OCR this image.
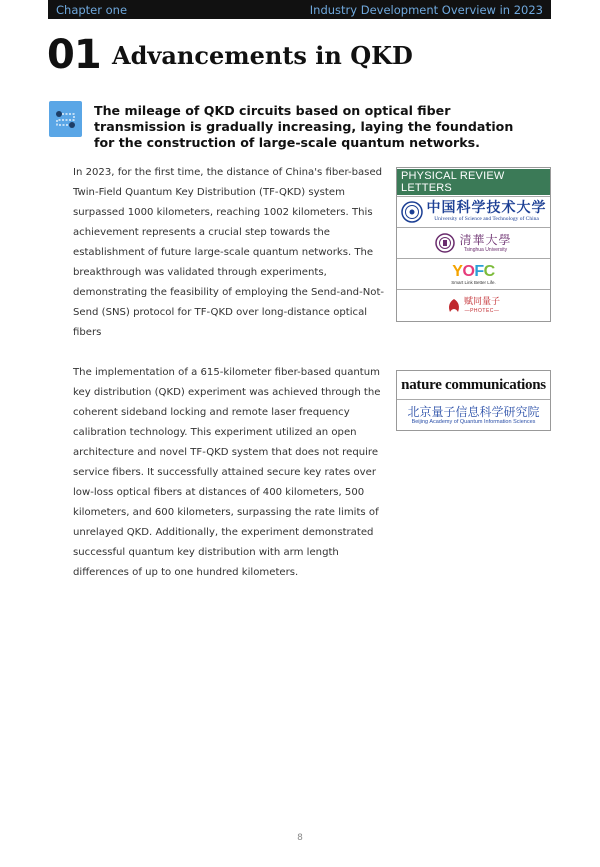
Chapter one	Industry Development Overview in 2023
01 Advancements in QKD
The mileage of QKD circuits based on optical fiber transmission is gradually increasing, laying the foundation for the construction of large-scale quantum networks.
In 2023, for the first time, the distance of China's fiber-based Twin-Field Quantum Key Distribution (TF-QKD) system surpassed 1000 kilometers, reaching 1002 kilometers. This achievement represents a crucial step towards the establishment of future large-scale quantum networks. The breakthrough was validated through experiments, demonstrating the feasibility of employing the Send-and-Not-Send (SNS) protocol for TF-QKD over long-distance optical fibers
The implementation of a 615-kilometer fiber-based quantum key distribution (QKD) experiment was achieved through the coherent sideband locking and remote laser frequency calibration technology. This experiment utilized an open architecture and novel TF-QKD system that does not require service fibers. It successfully attained secure key rates over low-loss optical fibers at distances of 400 kilometers, 500 kilometers, and 600 kilometers, surpassing the rate limits of unrelayed QKD. Additionally, the experiment demonstrated successful quantum key distribution with arm length differences of up to one hundred kilometers.
PHYSICAL REVIEW LETTERS
中国科学技术大学
University of Science and Technology of China
清華大學
Tsinghua University
YOFC
Smart Link Better Life.
赋同量子
—PHOTEC—
nature communications
北京量子信息科学研究院
Beijing Academy of Quantum Information Sciences
8
